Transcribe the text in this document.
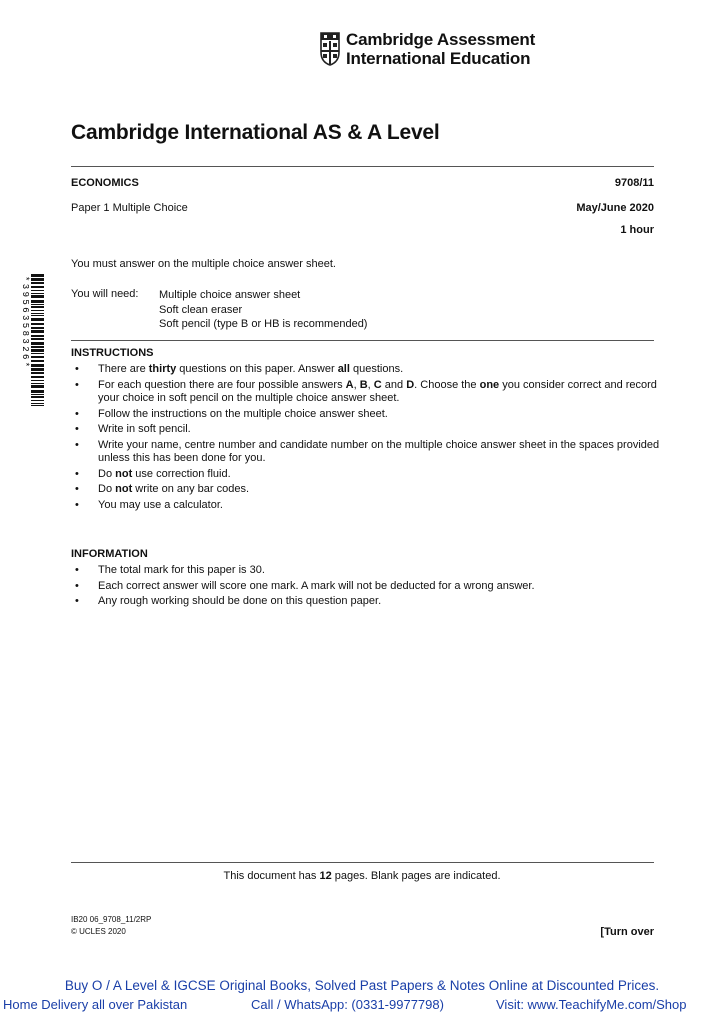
Cambridge Assessment
International Education
Cambridge International AS & A Level
ECONOMICS	9708/11
Paper 1 Multiple Choice	May/June 2020
1 hour
You must answer on the multiple choice answer sheet.
You will need: Multiple choice answer sheet
Soft clean eraser
Soft pencil (type B or HB is recommended)
*3956358326*	INSTRUCTIONS
• There are thirty questions on this paper. Answer all questions.
• For each question there are four possible answers A, B, C and D. Choose the one you consider correct and record your choice in soft pencil on the multiple choice answer sheet.
• Follow the instructions on the multiple choice answer sheet.
• Write in soft pencil.
• Write your name, centre number and candidate number on the multiple choice answer sheet in the spaces provided unless this has been done for you.
• Do not use correction fluid.
• Do not write on any bar codes.
• You may use a calculator.
INFORMATION
• The total mark for this paper is 30.
• Each correct answer will score one mark. A mark will not be deducted for a wrong answer.
• Any rough working should be done on this question paper.
This document has 12 pages. Blank pages are indicated.
IB20 06_9708_11/2RP
© UCLES 2020	[Turn over
Buy O / A Level & IGCSE Original Books, Solved Past Papers & Notes Online at Discounted Prices.
Home Delivery all over Pakistan	Call / WhatsApp: (0331-9977798)	Visit: www.TeachifyMe.com/Shop
